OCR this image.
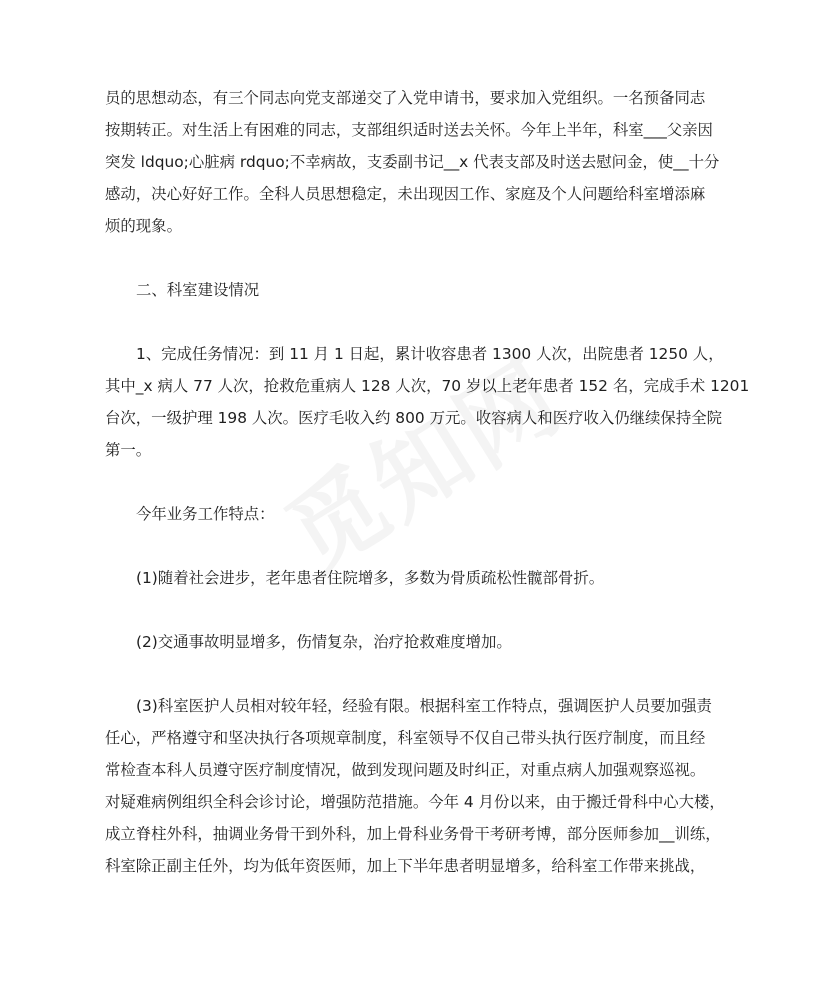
员的思想动态，有三个同志向党支部递交了入党申请书，要求加入党组织。一名预备同志
按期转正。对生活上有困难的同志，支部组织适时送去关怀。今年上半年，科室___父亲因
突发 ldquo;心脏病 rdquo;不幸病故，支委副书记__x 代表支部及时送去慰问金，使__十分
感动，决心好好工作。全科人员思想稳定，未出现因工作、家庭及个人问题给科室增添麻
烦的现象。
二、科室建设情况
1、完成任务情况：到 11 月 1 日起，累计收容患者 1300 人次，出院患者 1250 人，
其中_x 病人 77 人次，抢救危重病人 128 人次，70 岁以上老年患者 152 名，完成手术 1201
台次，一级护理 198 人次。医疗毛收入约 800 万元。收容病人和医疗收入仍继续保持全院
第一。
今年业务工作特点：
(1)随着社会进步，老年患者住院增多，多数为骨质疏松性髋部骨折。
(2)交通事故明显增多，伤情复杂，治疗抢救难度增加。
(3)科室医护人员相对较年轻，经验有限。根据科室工作特点，强调医护人员要加强责
任心，严格遵守和坚决执行各项规章制度，科室领导不仅自己带头执行医疗制度，而且经
常检查本科人员遵守医疗制度情况，做到发现问题及时纠正，对重点病人加强观察巡视。
对疑难病例组织全科会诊讨论，增强防范措施。今年 4 月份以来，由于搬迁骨科中心大楼，
成立脊柱外科，抽调业务骨干到外科，加上骨科业务骨干考研考博，部分医师参加__训练，
科室除正副主任外，均为低年资医师，加上下半年患者明显增多，给科室工作带来挑战，
